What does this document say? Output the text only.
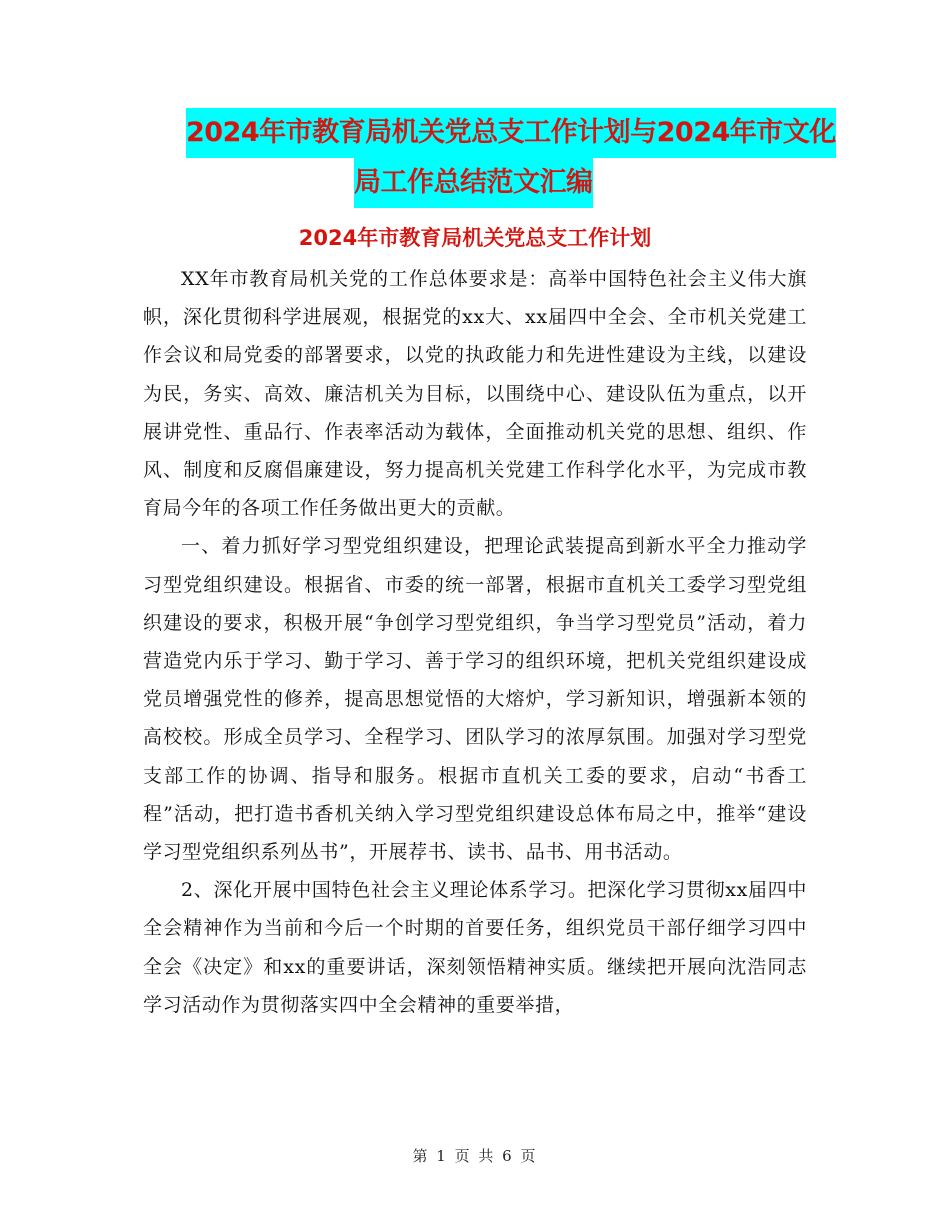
2024年市教育局机关党总支工作计划与2024年市文化
局工作总结范文汇编
2024年市教育局机关党总支工作计划

XX年市教育局机关党的工作总体要求是：高举中国特色社会主义伟大旗帜，深化贯彻科学进展观，根据党的xx大、xx届四中全会、全市机关党建工作会议和局党委的部署要求，以党的执政能力和先进性建设为主线，以建设为民，务实、高效、廉洁机关为目标，以围绕中心、建设队伍为重点，以开展讲党性、重品行、作表率活动为载体，全面推动机关党的思想、组织、作风、制度和反腐倡廉建设，努力提高机关党建工作科学化水平，为完成市教育局今年的各项工作任务做出更大的贡献。

一、着力抓好学习型党组织建设，把理论武装提高到新水平全力推动学习型党组织建设。根据省、市委的统一部署，根据市直机关工委学习型党组织建设的要求，积极开展“争创学习型党组织，争当学习型党员”活动，着力营造党内乐于学习、勤于学习、善于学习的组织环境，把机关党组织建设成党员增强党性的修养，提高思想觉悟的大熔炉，学习新知识，增强新本领的高校校。形成全员学习、全程学习、团队学习的浓厚氛围。加强对学习型党支部工作的协调、指导和服务。根据市直机关工委的要求，启动“书香工程”活动，把打造书香机关纳入学习型党组织建设总体布局之中，推举“建设学习型党组织系列丛书”，开展荐书、读书、品书、用书活动。

2、深化开展中国特色社会主义理论体系学习。把深化学习贯彻xx届四中全会精神作为当前和今后一个时期的首要任务，组织党员干部仔细学习四中全会《决定》和xx的重要讲话，深刻领悟精神实质。继续把开展向沈浩同志学习活动作为贯彻落实四中全会精神的重要举措，

第 1 页 共 6 页
